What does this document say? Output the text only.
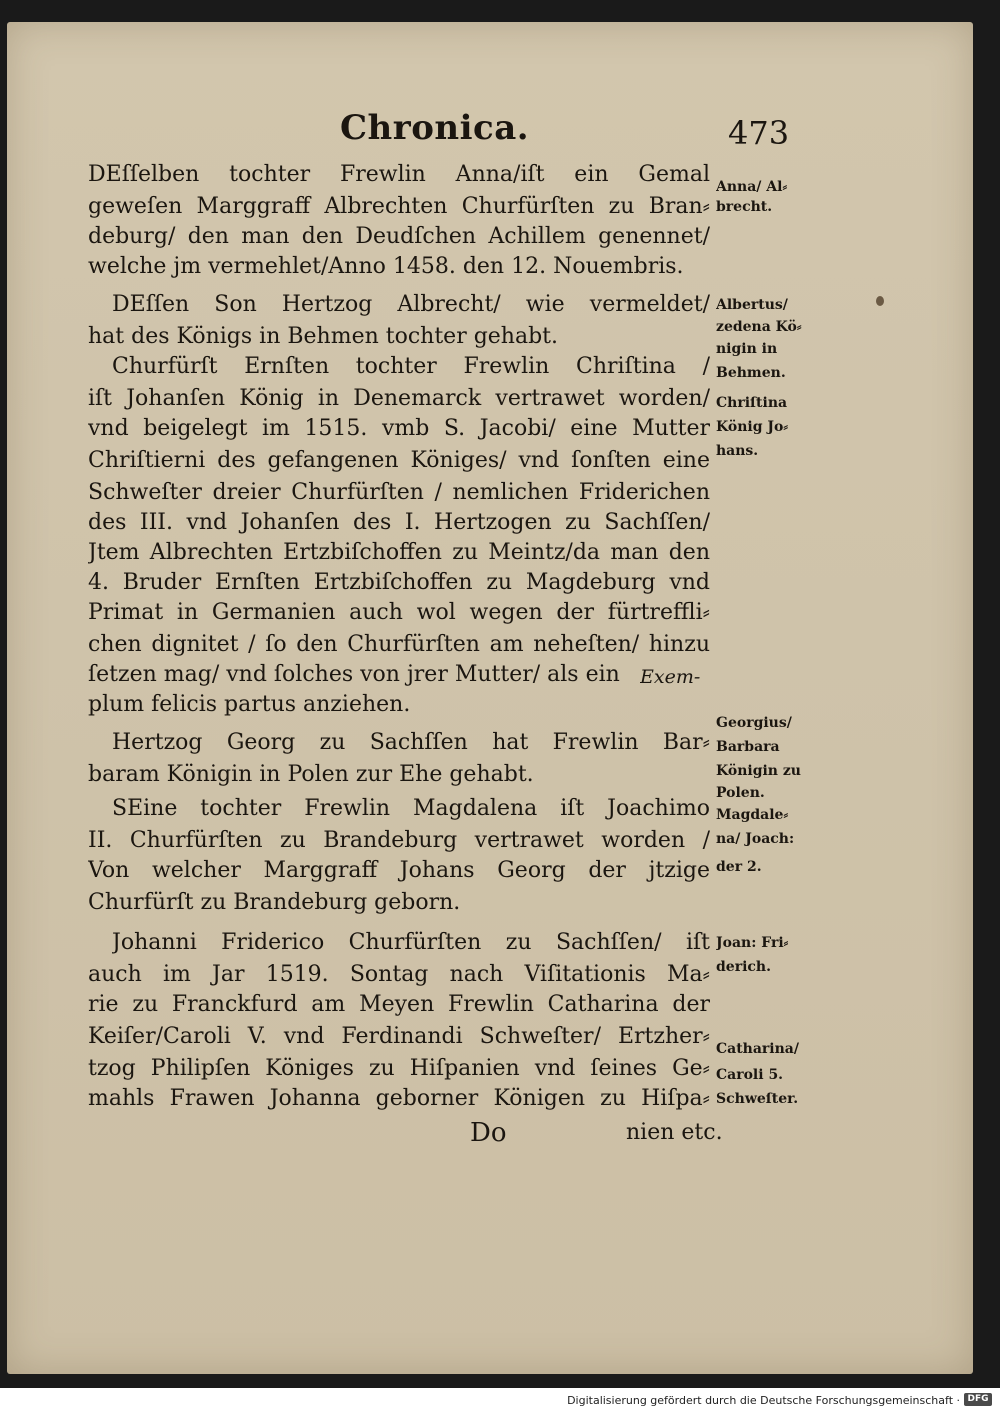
Chronica.	473
DEſſelben tochter Frewlin Anna/iſt ein Gemal
geweſen Marggraff Albrechten Churfürſten zu Bran⸗
deburg/ den man den Deudſchen Achillem genennet/
welche jm vermehlet/Anno 1458. den 12. Nouembris.
DEſſen Son Hertzog Albrecht/ wie vermeldet/
hat des Königs in Behmen tochter gehabt.
Churfürſt Ernſten tochter Frewlin Chriſtina /
iſt Johanſen König in Denemarck vertrawet worden/
vnd beigelegt im 1515. vmb S. Jacobi/ eine Mutter
Chriſtierni des gefangenen Königes/ vnd ſonſten eine
Schweſter dreier Churfürſten / nemlichen Friderichen
des III. vnd Johanſen des I. Hertzogen zu Sachſſen/
Jtem Albrechten Ertzbiſchoffen zu Meintz/da man den
4. Bruder Ernſten Ertzbiſchoffen zu Magdeburg vnd
Primat in Germanien auch wol wegen der fürtreffli⸗
chen dignitet / ſo den Churfürſten am neheſten/ hinzu
ſetzen mag/ vnd ſolches von jrer Mutter/ als ein	Exem-
plum felicis partus anziehen.
Hertzog Georg zu Sachſſen hat Frewlin Bar⸗
baram Königin in Polen zur Ehe gehabt.
SEine tochter Frewlin Magdalena iſt Joachimo
II. Churfürſten zu Brandeburg vertrawet worden /
Von welcher Marggraff Johans Georg der jtzige
Churfürſt zu Brandeburg geborn.
Johanni Friderico Churfürſten zu Sachſſen/ iſt
auch im Jar 1519. Sontag nach Viſitationis Ma⸗
rie zu Franckfurd am Meyen Frewlin Catharina der
Keiſer/Caroli V. vnd Ferdinandi Schweſter/ Ertzher⸗
tzog Philipſen Königes zu Hiſpanien vnd ſeines Ge⸗
mahls Frawen Johanna geborner Königen zu Hiſpa⸗
Do	nien etc.
Anna/ Al⸗
brecht.
Albertus/
zedena Kö⸗
nigin in
Behmen.
Chriſtina
König Jo⸗
hans.
Georgius/
Barbara
Königin zu
Polen.
Magdale⸗
na/ Joach:
der 2.
Joan: Fri⸗
derich.
Catharina/
Caroli 5.
Schweſter.
Digitalisierung gefördert durch die Deutsche Forschungsgemeinschaft · DFG
